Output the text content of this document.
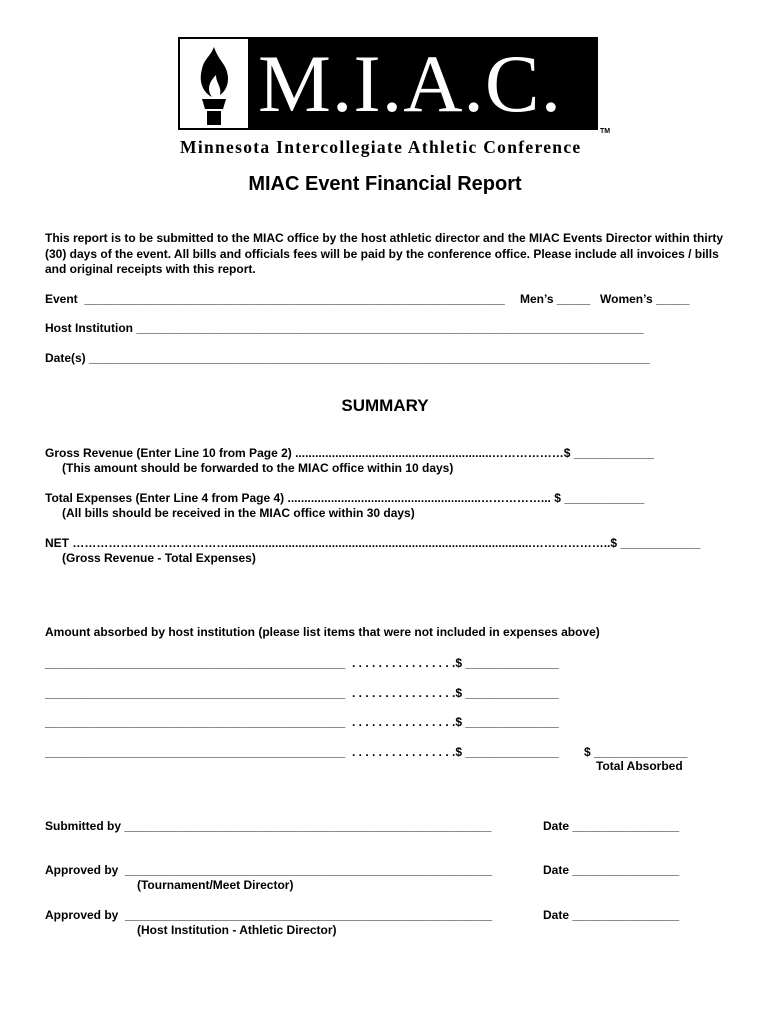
M.I.A.C.
TM
Minnesota Intercollegiate Athletic Conference
MIAC Event Financial Report
This report is to be submitted to the MIAC office by the host athletic director and the MIAC Events Director within thirty (30) days of the event. All bills and officials fees will be paid by the conference office. Please include all invoices / bills and original receipts with this report.
Event  _______________________________________________________________ Men’s _____ Women’s _____
Host Institution ____________________________________________________________________________
Date(s) ____________________________________________________________________________________
SUMMARY
Gross Revenue (Enter Line 10 from Page 2) ...........................................................………………$ ____________
(This amount should be forwarded to the MIAC office within 10 days)
Total Expenses (Enter Line 4 from Page 4) ..........................................................……………... $ ____________
(All bills should be received in the MIAC office within 30 days)
NET …………………………………...........................................................................................………………..$ ____________
(Gross Revenue - Total Expenses)
Amount absorbed by host institution (please list items that were not included in expenses above)
_____________________________________________  . . . . . . . . . . . . . . . .$ ______________
_____________________________________________  . . . . . . . . . . . . . . . .$ ______________
_____________________________________________  . . . . . . . . . . . . . . . .$ ______________
_____________________________________________  . . . . . . . . . . . . . . . .$ ______________ $ ______________
Total Absorbed
Submitted by _______________________________________________________	Date ________________
Approved by  _______________________________________________________	Date ________________
(Tournament/Meet Director)
Approved by  _______________________________________________________	Date ________________
(Host Institution - Athletic Director)
